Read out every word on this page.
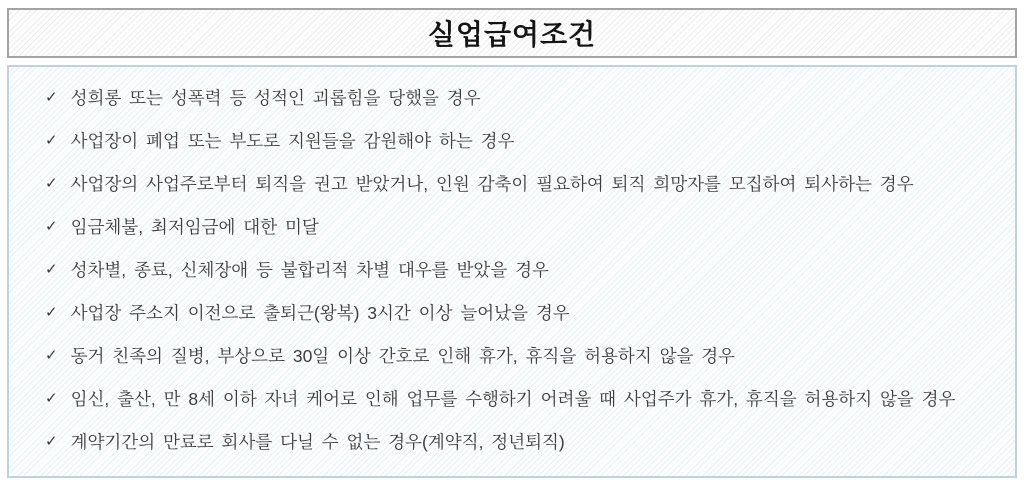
실업급여조건
✓ 성희롱 또는 성폭력 등 성적인 괴롭힘을 당했을 경우
✓ 사업장이 폐업 또는 부도로 지원들을 감원해야 하는 경우
✓ 사업장의 사업주로부터 퇴직을 권고 받았거나, 인원 감축이 필요하여 퇴직 희망자를 모집하여 퇴사하는 경우
✓ 임금체불, 최저임금에 대한 미달
✓ 성차별, 종료, 신체장애 등 불합리적 차별 대우를 받았을 경우
✓ 사업장 주소지 이전으로 출퇴근(왕복) 3시간 이상 늘어났을 경우
✓ 동거 친족의 질병, 부상으로 30일 이상 간호로 인해 휴가, 휴직을 허용하지 않을 경우
✓ 임신, 출산, 만 8세 이하 자녀 케어로 인해 업무를 수행하기 어려울 때 사업주가 휴가, 휴직을 허용하지 않을 경우
✓ 계약기간의 만료로 회사를 다닐 수 없는 경우(계약직, 정년퇴직)
